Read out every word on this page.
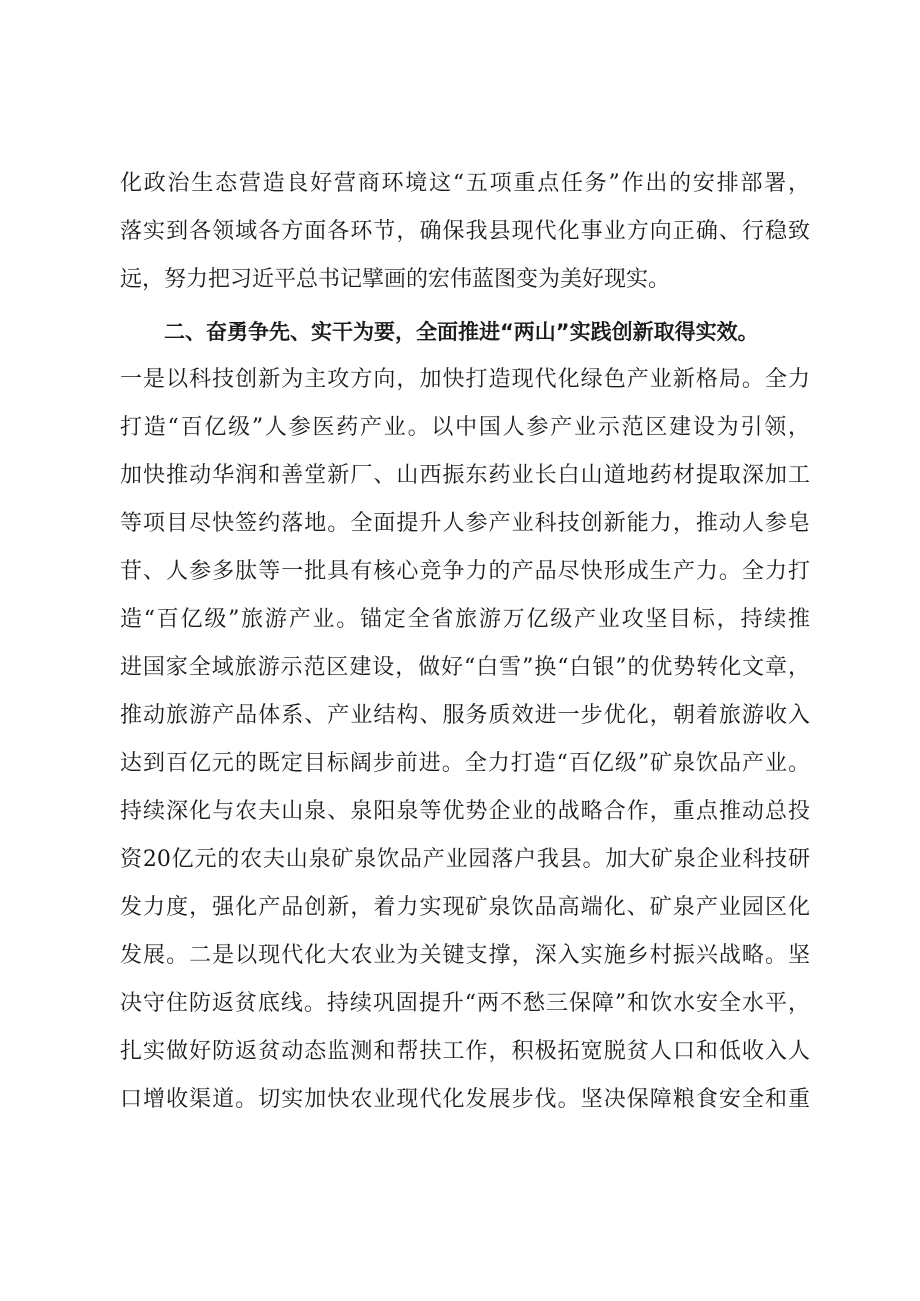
化政治生态营造良好营商环境这“五项重点任务”作出的安排部署，
落实到各领域各方面各环节，确保我县现代化事业方向正确、行稳致
远，努力把习近平总书记擘画的宏伟蓝图变为美好现实。
二、奋勇争先、实干为要，全面推进“两山”实践创新取得实效。
一是以科技创新为主攻方向，加快打造现代化绿色产业新格局。全力
打造“百亿级”人参医药产业。以中国人参产业示范区建设为引领，
加快推动华润和善堂新厂、山西振东药业长白山道地药材提取深加工
等项目尽快签约落地。全面提升人参产业科技创新能力，推动人参皂
苷、人参多肽等一批具有核心竞争力的产品尽快形成生产力。全力打
造“百亿级”旅游产业。锚定全省旅游万亿级产业攻坚目标，持续推
进国家全域旅游示范区建设，做好“白雪”换“白银”的优势转化文章，
推动旅游产品体系、产业结构、服务质效进一步优化，朝着旅游收入
达到百亿元的既定目标阔步前进。全力打造“百亿级”矿泉饮品产业。
持续深化与农夫山泉、泉阳泉等优势企业的战略合作，重点推动总投
资20亿元的农夫山泉矿泉饮品产业园落户我县。加大矿泉企业科技研
发力度，强化产品创新，着力实现矿泉饮品高端化、矿泉产业园区化
发展。二是以现代化大农业为关键支撑，深入实施乡村振兴战略。坚
决守住防返贫底线。持续巩固提升“两不愁三保障”和饮水安全水平，
扎实做好防返贫动态监测和帮扶工作，积极拓宽脱贫人口和低收入人
口增收渠道。切实加快农业现代化发展步伐。坚决保障粮食安全和重
